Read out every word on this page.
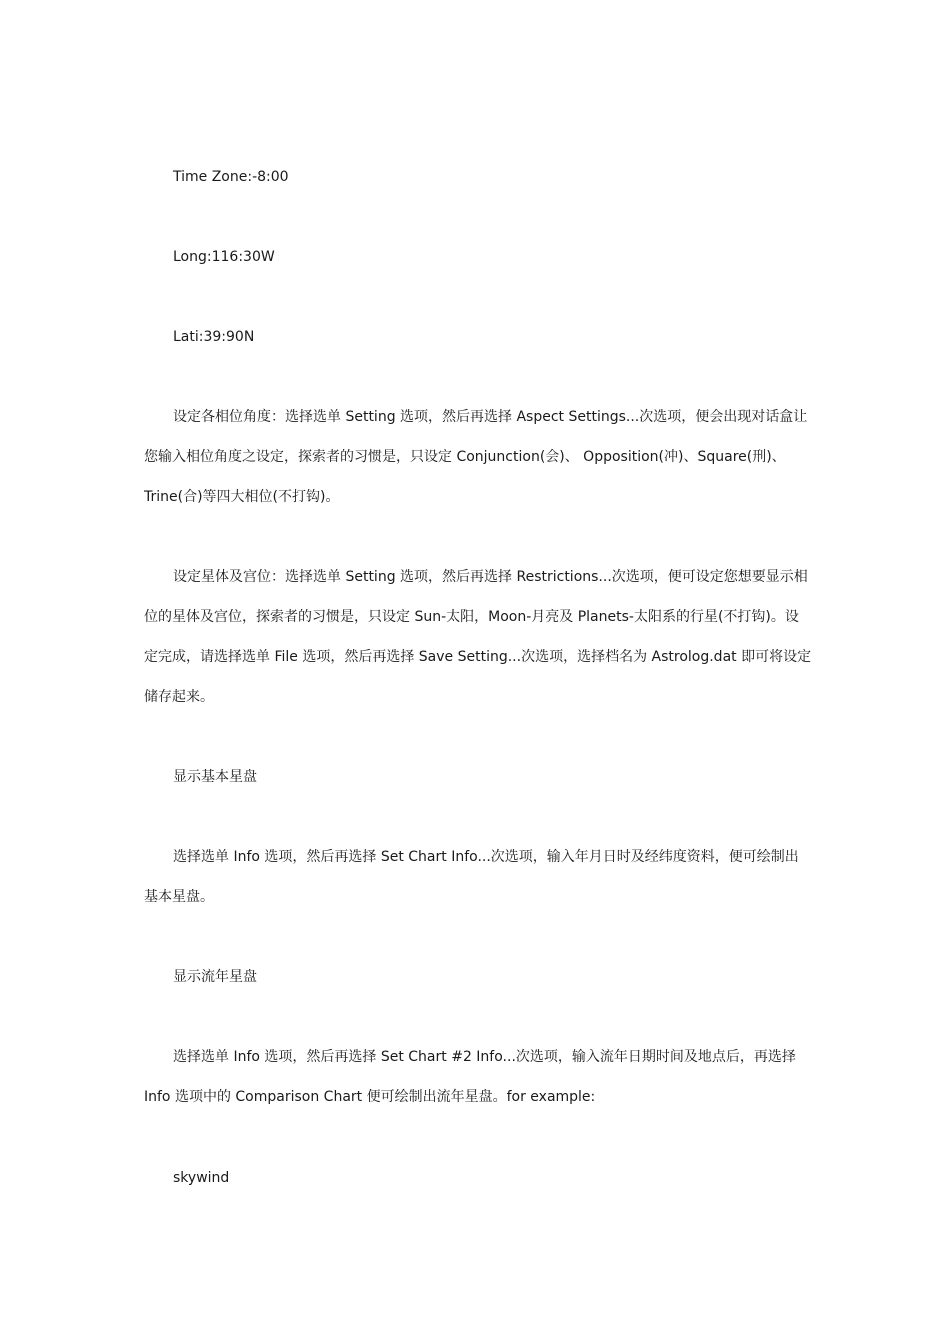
Time Zone:-8:00
Long:116:30W
Lati:39:90N
设定各相位角度：选择选单 Setting 选项，然后再选择 Aspect Settings...次选项，便会出现对话盒让
您输入相位角度之设定，探索者的习惯是，只设定 Conjunction(会)、 Opposition(冲)、Square(刑)、
Trine(合)等四大相位(不打钩)。
设定星体及宫位：选择选单 Setting 选项，然后再选择 Restrictions...次选项，便可设定您想要显示相
位的星体及宫位，探索者的习惯是，只设定 Sun-太阳，Moon-月亮及 Planets-太阳系的行星(不打钩)。设
定完成，请选择选单 File 选项，然后再选择 Save Setting...次选项，选择档名为 Astrolog.dat 即可将设定
储存起来。
显示基本星盘
选择选单 Info 选项，然后再选择 Set Chart Info...次选项，输入年月日时及经纬度资料，便可绘制出
基本星盘。
显示流年星盘
选择选单 Info 选项，然后再选择 Set Chart #2 Info...次选项，输入流年日期时间及地点后，再选择
Info 选项中的 Comparison Chart 便可绘制出流年星盘。for example:
skywind
